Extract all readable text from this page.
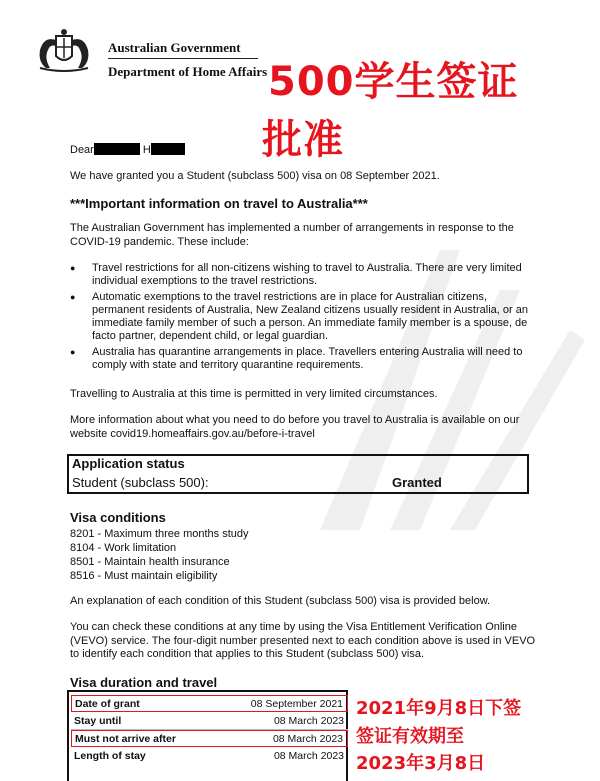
Australian Government
Department of Home Affairs 500学生签证
批准
Dear	H
We have granted you a Student (subclass 500) visa on 08 September 2021.
***Important information on travel to Australia***
The Australian Government has implemented a number of arrangements in response to the COVID-19 pandemic. These include:
● Travel restrictions for all non-citizens wishing to travel to Australia. There are very limited individual exemptions to the travel restrictions.
● Automatic exemptions to the travel restrictions are in place for Australian citizens, permanent residents of Australia, New Zealand citizens usually resident in Australia, or an immediate family member of such a person. An immediate family member is a spouse, de facto partner, dependent child, or legal guardian.
● Australia has quarantine arrangements in place. Travellers entering Australia will need to comply with state and territory quarantine requirements.
Travelling to Australia at this time is permitted in very limited circumstances.
More information about what you need to do before you travel to Australia is available on our website covid19.homeaffairs.gov.au/before-i-travel
Application status
Student (subclass 500):	Granted
Visa conditions
8201 - Maximum three months study
8104 - Work limitation
8501 - Maintain health insurance
8516 - Must maintain eligibility
An explanation of each condition of this Student (subclass 500) visa is provided below.
You can check these conditions at any time by using the Visa Entitlement Verification Online (VEVO) service. The four-digit number presented next to each condition above is used in VEVO to identify each condition that applies to this Student (subclass 500) visa.
Visa duration and travel
Date of grant	08 September 2021
Stay until	08 March 2023
Must not arrive after	08 March 2023
Length of stay	08 March 2023
2021年9月8日下签
签证有效期至
2023年3月8日
